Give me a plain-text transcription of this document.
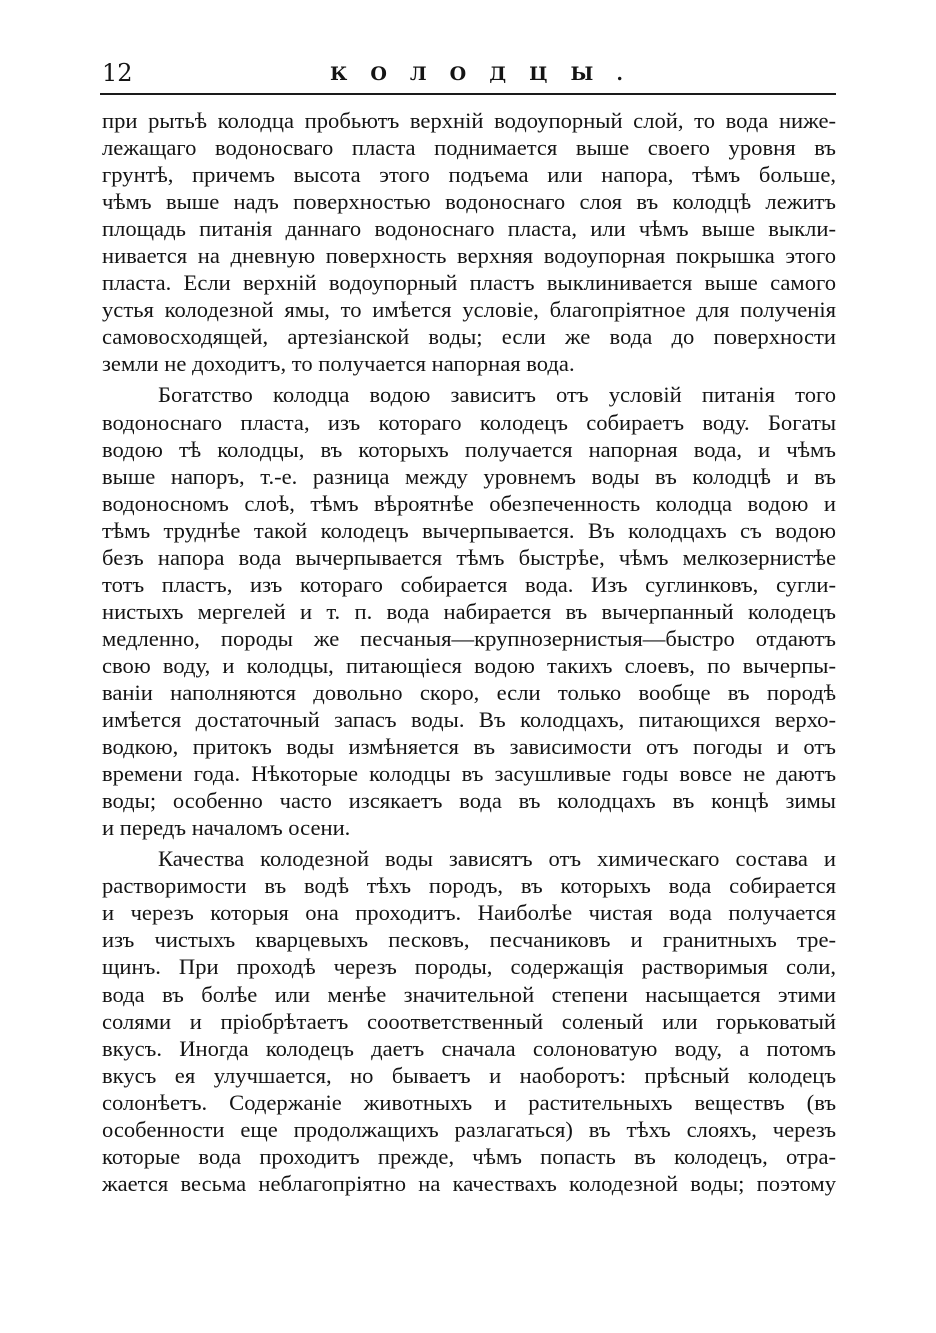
12	КОЛОДЦЫ.
при рытьѣ колодца пробьютъ верхній водоупорный слой, то вода ниже-
лежащаго водоносваго пласта поднимается выше своего уровня въ
грунтѣ, причемъ высота этого подъема или напора, тѣмъ больше,
чѣмъ выше надъ поверхностью водоноснаго слоя въ колодцѣ лежитъ
площадь питанія даннаго водоноснаго пласта, или чѣмъ выше выкли-
нивается на дневную поверхность верхняя водоупорная покрышка этого
пласта. Если верхній водоупорный пластъ выклинивается выше самого
устья колодезной ямы, то имѣется условіе, благопріятное для полученія
самовосходящей, артезіанской воды; если же вода до поверхности
земли не доходитъ, то получается напорная вода.
Богатство колодца водою зависитъ отъ условій питанія того
водоноснаго пласта, изъ котораго колодецъ собираетъ воду. Богаты
водою тѣ колодцы, въ которыхъ получается напорная вода, и чѣмъ
выше напоръ, т.-е. разница между уровнемъ воды въ колодцѣ и въ
водоносномъ слоѣ, тѣмъ вѣроятнѣе обезпеченность колодца водою и
тѣмъ труднѣе такой колодецъ вычерпывается. Въ колодцахъ съ водою
безъ напора вода вычерпывается тѣмъ быстрѣе, чѣмъ мелкозернистѣе
тотъ пластъ, изъ котораго собирается вода. Изъ суглинковъ, сугли-
нистыхъ мергелей и т. п. вода набирается въ вычерпанный колодецъ
медленно, породы же песчаныя—крупнозернистыя—быстро отдаютъ
свою воду, и колодцы, питающіеся водою такихъ слоевъ, по вычерпы-
ваніи наполняются довольно скоро, если только вообще въ породѣ
имѣется достаточный запасъ воды. Въ колодцахъ, питающихся верхо-
водкою, притокъ воды измѣняется въ зависимости отъ погоды и отъ
времени года. Нѣкоторые колодцы въ засушливые годы вовсе не даютъ
воды; особенно часто изсякаетъ вода въ колодцахъ въ концѣ зимы
и передъ началомъ осени.
Качества колодезной воды зависятъ отъ химическаго состава и
растворимости въ водѣ тѣхъ породъ, въ которыхъ вода собирается
и черезъ которыя она проходитъ. Наиболѣе чистая вода получается
изъ чистыхъ кварцевыхъ песковъ, песчаниковъ и гранитныхъ тре-
щинъ. При проходѣ черезъ породы, содержащія растворимыя соли,
вода въ болѣе или менѣе значительной степени насыщается этими
солями и пріобрѣтаетъ сооответственный соленый или горьковатый
вкусъ. Иногда колодецъ даетъ сначала солоноватую воду, а потомъ
вкусъ ея улучшается, но бываетъ и наоборотъ: прѣсный колодецъ
солонѣетъ. Содержаніе животныхъ и растительныхъ веществъ (въ
особенности еще продолжащихъ разлагаться) въ тѣхъ слояхъ, черезъ
которые вода проходитъ прежде, чѣмъ попасть въ колодецъ, отра-
жается весьма неблагопріятно на качествахъ колодезной воды; поэтому
